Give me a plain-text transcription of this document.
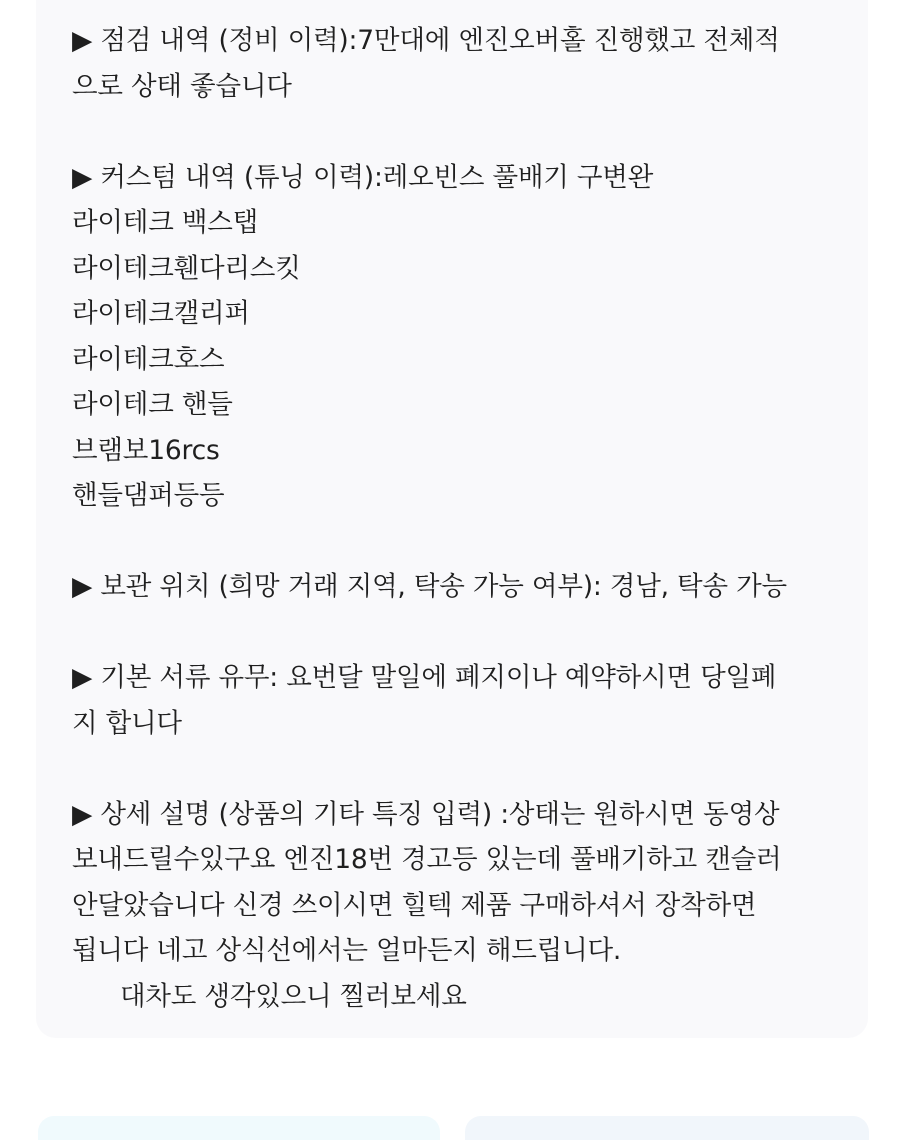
▶ 점검 내역 (정비 이력):7만대에 엔진오버홀 진행했고 전체적
으로 상태 좋습니다
▶ 커스텀 내역 (튜닝 이력):레오빈스 풀배기 구변완
라이테크 백스탭
라이테크휀다리스킷
라이테크캘리퍼
라이테크호스
라이테크 핸들
브램보16rcs
핸들댐퍼등등
▶ 보관 위치 (희망 거래 지역, 탁송 가능 여부): 경남, 탁송 가능
▶ 기본 서류 유무: 요번달 말일에 폐지이나 예약하시면 당일폐
지 합니다
▶ 상세 설명 (상품의 기타 특징 입력) :상태는 원하시면 동영상
보내드릴수있구요 엔진18번 경고등 있는데 풀배기하고 캔슬러
안달았습니다 신경 쓰이시면 힐텍 제품 구매하셔서 장착하면
됩니다 네고 상식선에서는 얼마든지 해드립니다.
대차도 생각있으니 찔러보세요
